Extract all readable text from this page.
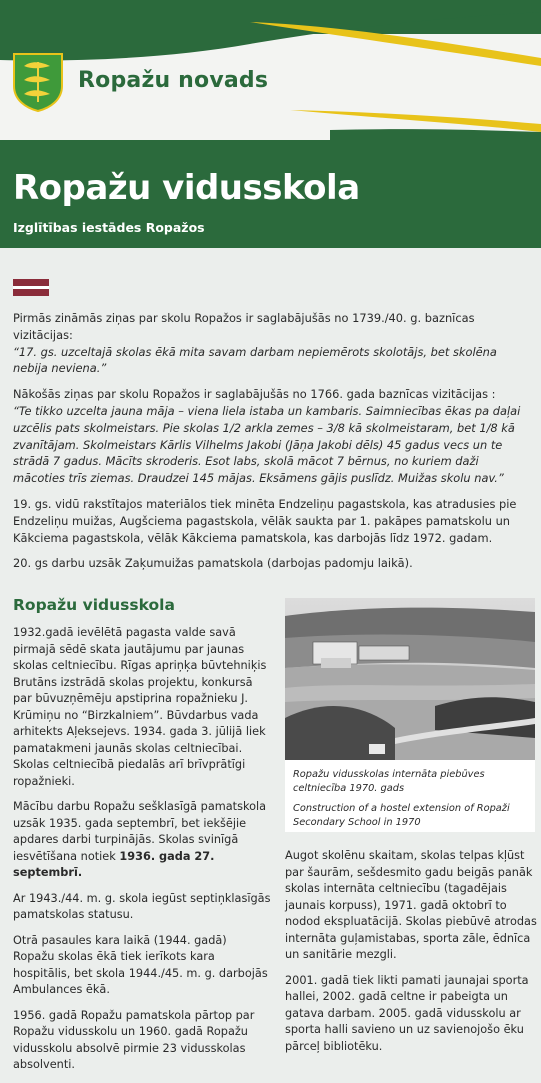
Ropažu novads
Ropažu vidusskola
Izglītības iestādes Ropažos

Pirmās zināmās ziņas par skolu Ropažos ir saglabājušās no 1739./40. g. baznīcas vizitācijas:
“17. gs. uzceltajā skolas ēkā mita savam darbam nepiemērots skolotājs, bet skolēna nebija neviena.”

Nākošās ziņas par skolu Ropažos ir saglabājušās no 1766. gada baznīcas vizitācijas :
“Te tikko uzcelta jauna māja – viena liela istaba un kambaris. Saimniecības ēkas pa daļai uzcēlis pats skolmeistars. Pie skolas 1/2 arkla zemes – 3/8 kā skolmeistaram, bet 1/8 kā zvanītājam. Skolmeistars Kārlis Vilhelms Jakobi (Jāņa Jakobi dēls) 45 gadus vecs un te strādā 7 gadus. Mācīts skroderis. Esot labs, skolā mācot 7 bērnus, no kuriem daži mācoties trīs ziemas. Draudzei 145 mājas. Eksāmens gājis puslīdz. Muižas skolu nav.”

19. gs. vidū rakstītajos materiālos tiek minēta Endzeliņu pagastskola, kas atradusies pie Endzeliņu muižas, Augšciema pagastskola, vēlāk saukta par 1. pakāpes pamatskolu un Kākciema pagastskola, vēlāk Kākciema pamatskola, kas darbojās līdz 1972. gadam.

20. gs darbu uzsāk Zaķumuižas pamatskola (darbojas padomju laikā).

Ropažu vidusskola

1932.gadā ievēlētā pagasta valde savā pirmajā sēdē skata jautājumu par jaunas skolas celtniecību. Rīgas apriņķa būvtehniķis Brutāns izstrādā skolas projektu, konkursā par būvuzņēmēju apstiprina ropažnieku J. Krūmiņu no “Birzkalniem”. Būvdarbus vada arhitekts Aļeksejevs. 1934. gada 3. jūlijā liek pamatakmeni jaunās skolas celtniecībai. Skolas celtniecībā piedalās arī brīvprātīgi ropažnieki.

Mācību darbu Ropažu sešklasīgā pamatskola uzsāk 1935. gada septembrī, bet iekšējie apdares darbi turpinājās. Skolas svinīgā iesvētīšana notiek 1936. gada 27. septembrī.

Ar 1943./44. m. g. skola iegūst septiņklasīgās pamatskolas statusu.

Otrā pasaules kara laikā (1944. gadā) Ropažu skolas ēkā tiek ierīkots kara hospitālis, bet skola 1944./45. m. g. darbojās Ambulances ēkā.

1956. gadā Ropažu pamatskola pārtop par Ropažu vidusskolu un 1960. gadā Ropažu vidusskolu absolvē pirmie 23 vidusskolas absolventi.

Ropažu vidusskolas internāta piebūves celtniecība 1970. gads
Construction of a hostel extension of Ropaži Secondary School in 1970

Augot skolēnu skaitam, skolas telpas kļūst par šaurām, sešdesmito gadu beigās panāk skolas internāta celtniecību (tagadējais jaunais korpuss), 1971. gadā oktobrī to nodod ekspluatācijā. Skolas piebūvē atrodas internāta guļamistabas, sporta zāle, ēdnīca un sanitārie mezgli.

2001. gadā tiek likti pamati jaunajai sporta hallei, 2002. gadā celtne ir pabeigta un gatava darbam. 2005. gadā vidusskolu ar sporta halli savieno un uz savienojošo ēku pārceļ bibliotēku.
